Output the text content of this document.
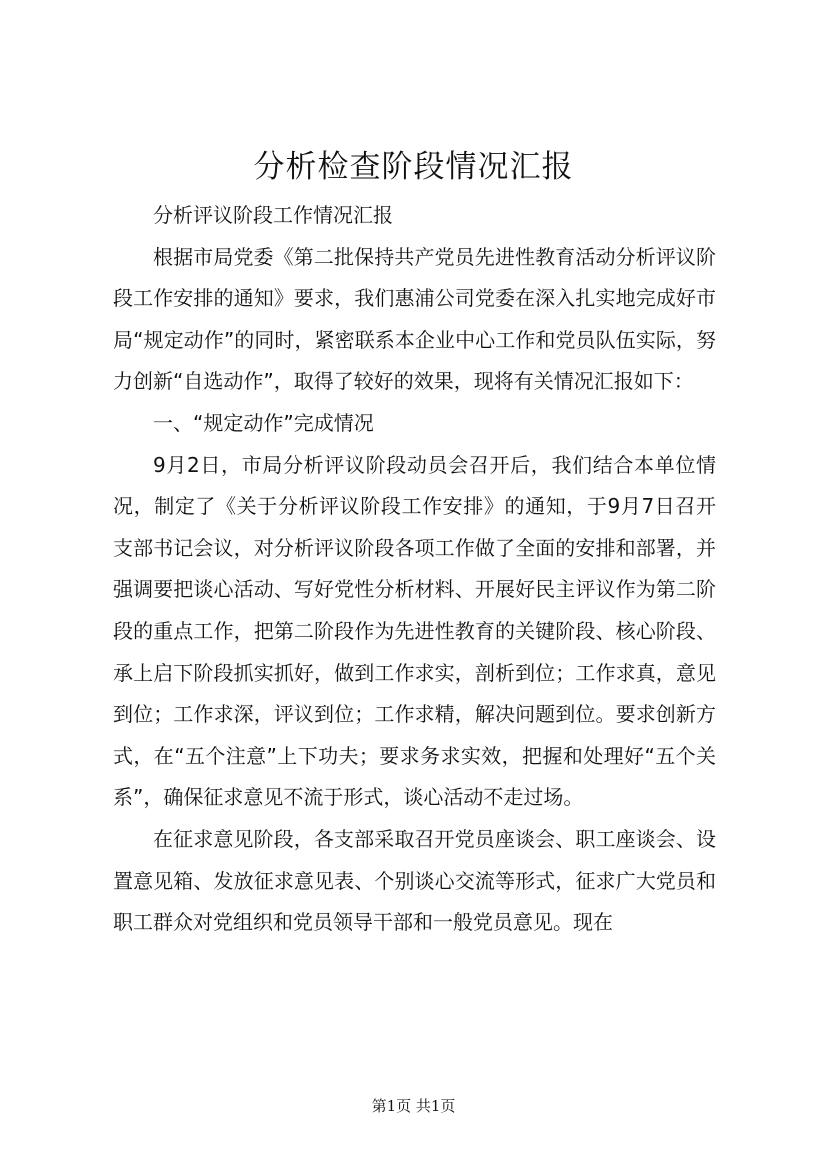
分析检查阶段情况汇报

分析评议阶段工作情况汇报

根据市局党委《第二批保持共产党员先进性教育活动分析评议阶段工作安排的通知》要求，我们惠浦公司党委在深入扎实地完成好市局“规定动作”的同时，紧密联系本企业中心工作和党员队伍实际，努力创新“自选动作”，取得了较好的效果，现将有关情况汇报如下：

一、“规定动作”完成情况

9月2日，市局分析评议阶段动员会召开后，我们结合本单位情况，制定了《关于分析评议阶段工作安排》的通知，于9月7日召开支部书记会议，对分析评议阶段各项工作做了全面的安排和部署，并强调要把谈心活动、写好党性分析材料、开展好民主评议作为第二阶段的重点工作，把第二阶段作为先进性教育的关键阶段、核心阶段、承上启下阶段抓实抓好，做到工作求实，剖析到位；工作求真，意见到位；工作求深，评议到位；工作求精，解决问题到位。要求创新方式，在“五个注意”上下功夫；要求务求实效，把握和处理好“五个关系”，确保征求意见不流于形式，谈心活动不走过场。

在征求意见阶段，各支部采取召开党员座谈会、职工座谈会、设置意见箱、发放征求意见表、个别谈心交流等形式，征求广大党员和职工群众对党组织和党员领导干部和一般党员意见。现在

第1页 共1页
